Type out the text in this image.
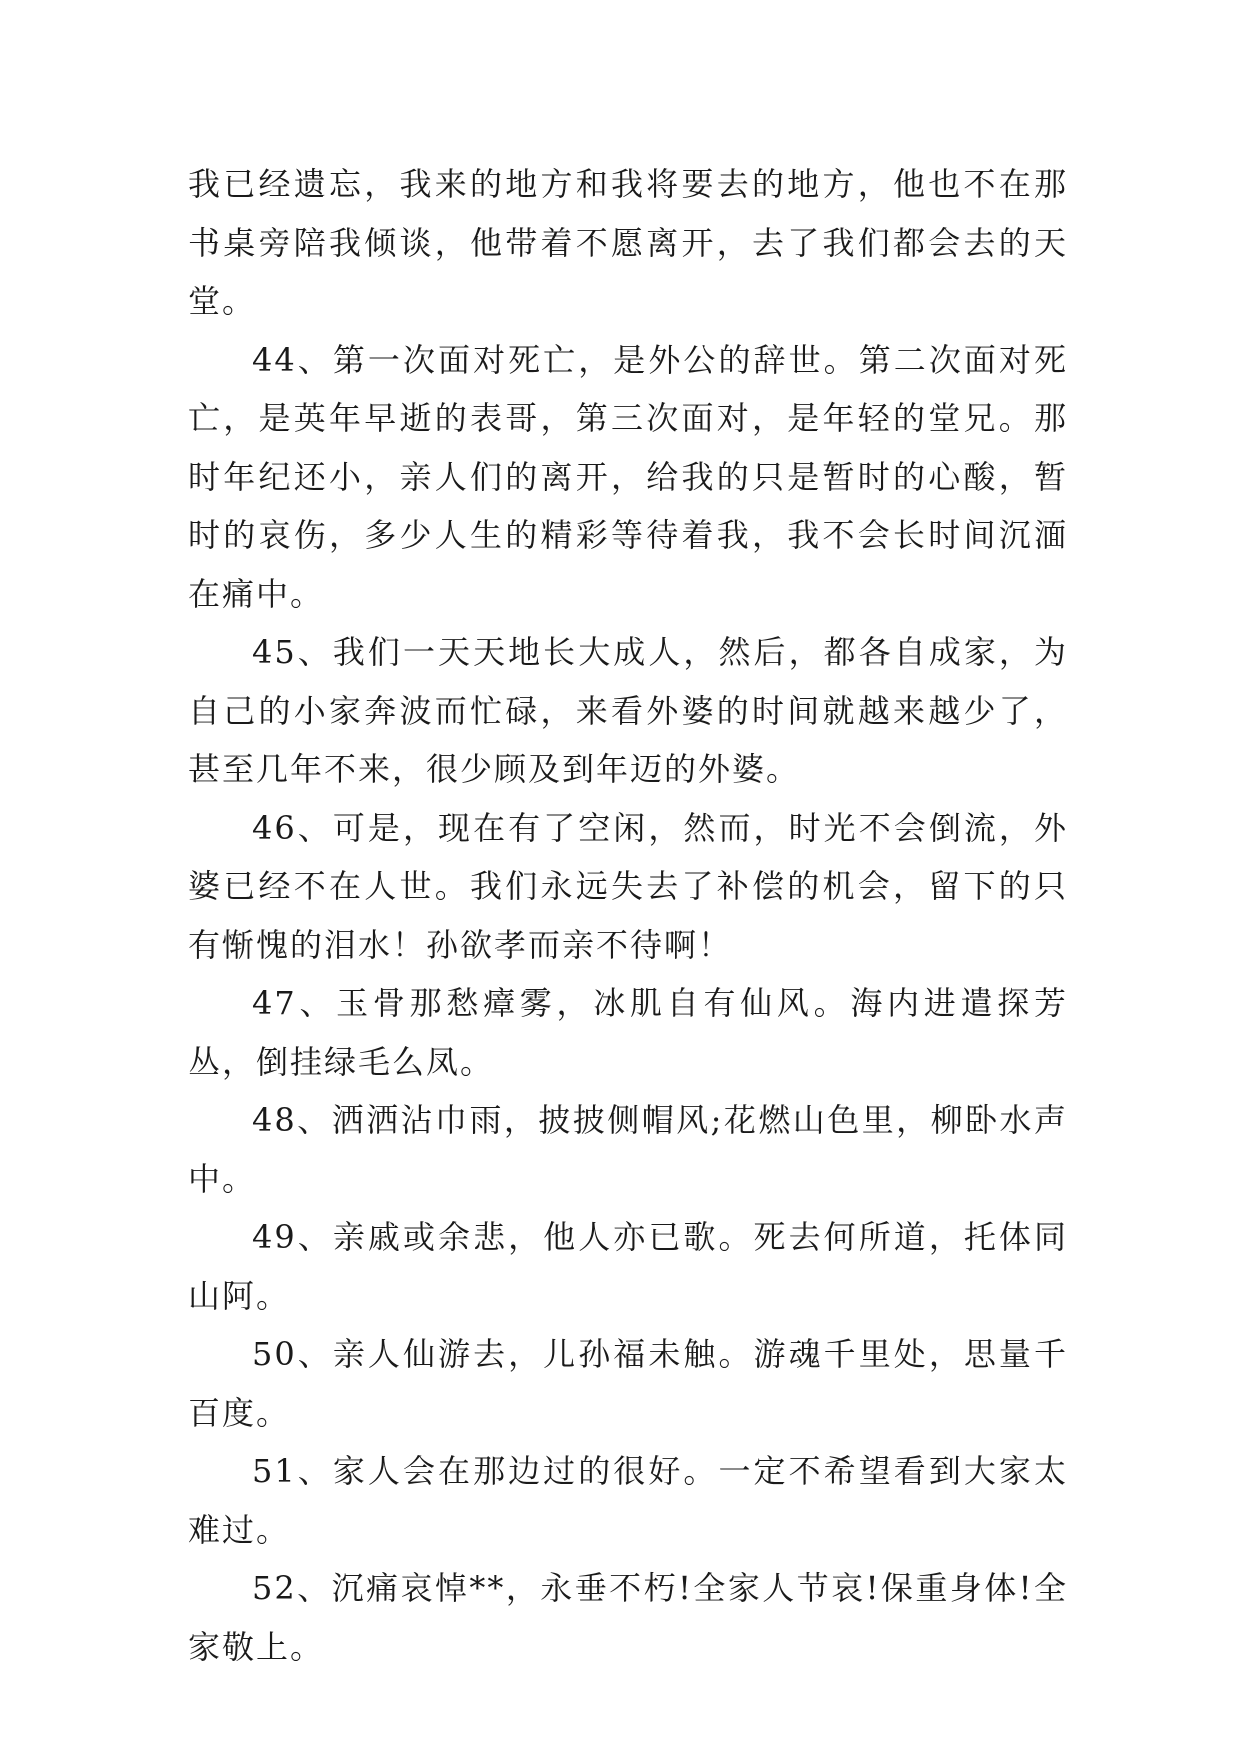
我已经遗忘，我来的地方和我将要去的地方，他也不在那书桌旁陪我倾谈，他带着不愿离开，去了我们都会去的天堂。

44、第一次面对死亡，是外公的辞世。第二次面对死亡，是英年早逝的表哥，第三次面对，是年轻的堂兄。那时年纪还小，亲人们的离开，给我的只是暂时的心酸，暂时的哀伤，多少人生的精彩等待着我，我不会长时间沉湎在痛中。

45、我们一天天地长大成人，然后，都各自成家，为自己的小家奔波而忙碌，来看外婆的时间就越来越少了，甚至几年不来，很少顾及到年迈的外婆。

46、可是，现在有了空闲，然而，时光不会倒流，外婆已经不在人世。我们永远失去了补偿的机会，留下的只有惭愧的泪水！孙欲孝而亲不待啊！

47、玉骨那愁瘴雾，冰肌自有仙风。海内进遣探芳丛，倒挂绿毛么凤。

48、洒洒沾巾雨，披披侧帽风;花燃山色里，柳卧水声中。

49、亲戚或余悲，他人亦已歌。死去何所道，托体同山阿。

50、亲人仙游去，儿孙福未触。游魂千里处，思量千百度。

51、家人会在那边过的很好。一定不希望看到大家太难过。

52、沉痛哀悼**，永垂不朽!全家人节哀!保重身体!全家敬上。
